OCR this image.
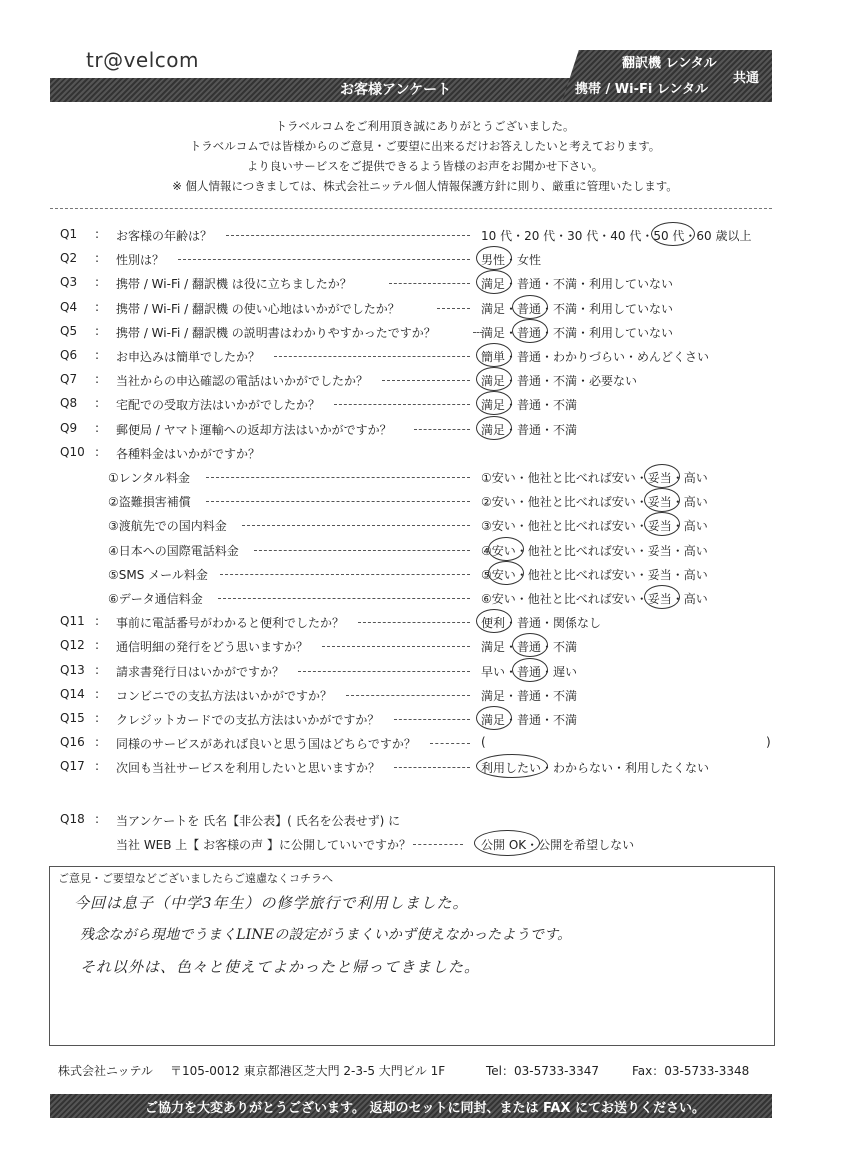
tr@velcom
お客様アンケート
翻訳機 レンタル
携帯 / Wi-Fi レンタル
共通
トラベルコムをご利用頂き誠にありがとうございました。
トラベルコムでは皆様からのご意見・ご要望に出来るだけお答えしたいと考えております。
より良いサービスをご提供できるよう皆様のお声をお聞かせ下さい。
※ 個人情報につきましては、株式会社ニッテル個人情報保護方針に則り、厳重に管理いたします。
Q1 : お客様の年齢は？	10 代・20 代・30 代・40 代・50 代・60 歳以上
Q2 : 性別は？	男性・女性
Q3 : 携帯 / Wi-Fi / 翻訳機 は役に立ちましたか？	満足・普通・不満・利用していない
Q4 : 携帯 / Wi-Fi / 翻訳機 の使い心地はいかがでしたか？	満足・普通・不満・利用していない
Q5 : 携帯 / Wi-Fi / 翻訳機 の説明書はわかりやすかったですか？	満足・普通・不満・利用していない
Q6 : お申込みは簡単でしたか？	簡単・普通・わかりづらい・めんどくさい
Q7 : 当社からの申込確認の電話はいかがでしたか？	満足・普通・不満・必要ない
Q8 : 宅配での受取方法はいかがでしたか？	満足・普通・不満
Q9 : 郵便局 / ヤマト運輸への返却方法はいかがですか？	満足・普通・不満
Q10 : 各種料金はいかがですか？
①レンタル料金	①安い・他社と比べれば安い・妥当・高い
②盗難損害補償	②安い・他社と比べれば安い・妥当・高い
③渡航先での国内料金	③安い・他社と比べれば安い・妥当・高い
④日本への国際電話料金	④安い・他社と比べれば安い・妥当・高い
⑤SMS メール料金	⑤安い・他社と比べれば安い・妥当・高い
⑥データ通信料金	⑥安い・他社と比べれば安い・妥当・高い
Q11 : 事前に電話番号がわかると便利でしたか？	便利・普通・関係なし
Q12 : 通信明細の発行をどう思いますか？	満足・普通・不満
Q13 : 請求書発行日はいかがですか？	早い・普通・遅い
Q14 : コンビニでの支払方法はいかがですか？	満足・普通・不満
Q15 : クレジットカードでの支払方法はいかがですか？	満足・普通・不満
Q16 : 同様のサービスがあれば良いと思う国はどちらですか？	(	)
Q17 : 次回も当社サービスを利用したいと思いますか？	利用したい・わからない・利用したくない
Q18 : 当アンケートを 氏名【非公表】( 氏名を公表せず) に
当社 WEB 上【 お客様の声 】に公開していいですか？	公開 OK・公開を希望しない
ご意見・ご要望などございましたらご遠慮なくコチラへ
今回は息子（中学3年生）の修学旅行で利用しました。
残念ながら現地でうまくLINEの設定がうまくいかず使えなかったようです。
それ以外は、色々と使えてよかったと帰ってきました。
株式会社ニッテル 〒105-0012 東京都港区芝大門 2-3-5 大門ビル 1F	Tel：03-5733-3347	Fax：03-5733-3348
ご協力を大変ありがとうございます。 返却のセットに同封、または FAX にてお送りください。
